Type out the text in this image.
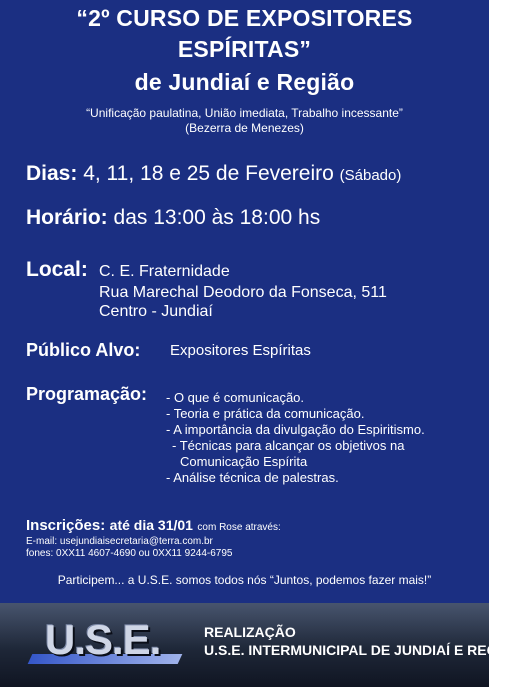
“2º CURSO DE EXPOSITORES
ESPÍRITAS”
de Jundiaí e Região
“Unificação paulatina, União imediata, Trabalho incessante”
(Bezerra de Menezes)
Dias: 4, 11, 18 e 25 de Fevereiro (Sábado)
Horário: das 13:00 às 18:00 hs
Local: C. E. Fraternidade
Rua Marechal Deodoro da Fonseca, 511
Centro - Jundiaí
Público Alvo: Expositores Espíritas
Programação: - O que é comunicação.
- Teoria e prática da comunicação.
- A importância da divulgação do Espiritismo.
- Técnicas para alcançar os objetivos na
Comunicação Espírita
- Análise técnica de palestras.
Inscrições: até dia 31/01 com Rose através:
E-mail: usejundiaisecretaria@terra.com.br
fones: 0XX11 4607-4690 ou 0XX11 9244-6795
Participem... a U.S.E. somos todos nós “Juntos, podemos fazer mais!”
U.S.E.	REALIZAÇÃO
U.S.E. INTERMUNICIPAL DE JUNDIAÍ E REGIÃO
